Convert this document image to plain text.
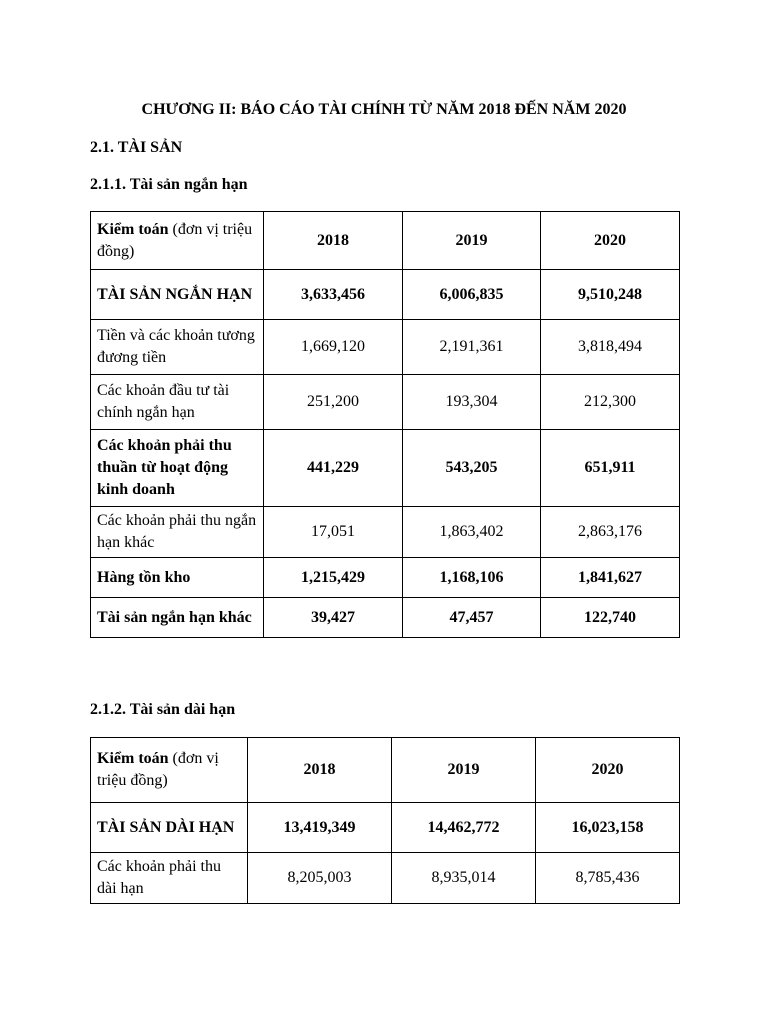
CHƯƠNG II: BÁO CÁO TÀI CHÍNH TỪ NĂM 2018 ĐẾN NĂM 2020
2.1. TÀI SẢN
2.1.1. Tài sản ngắn hạn
Kiểm toán (đơn vị triệu đồng)	2018	2019	2020
TÀI SẢN NGẮN HẠN	3,633,456	6,006,835	9,510,248
Tiền và các khoản tương đương tiền	1,669,120	2,191,361	3,818,494
Các khoản đầu tư tài chính ngắn hạn	251,200	193,304	212,300
Các khoản phải thu thuần từ hoạt động kinh doanh	441,229	543,205	651,911
Các khoản phải thu ngắn hạn khác	17,051	1,863,402	2,863,176
Hàng tồn kho	1,215,429	1,168,106	1,841,627
Tài sản ngắn hạn khác	39,427	47,457	122,740
2.1.2. Tài sản dài hạn
Kiểm toán (đơn vị triệu đồng)	2018	2019	2020
TÀI SẢN DÀI HẠN	13,419,349	14,462,772	16,023,158
Các khoản phải thu dài hạn	8,205,003	8,935,014	8,785,436
